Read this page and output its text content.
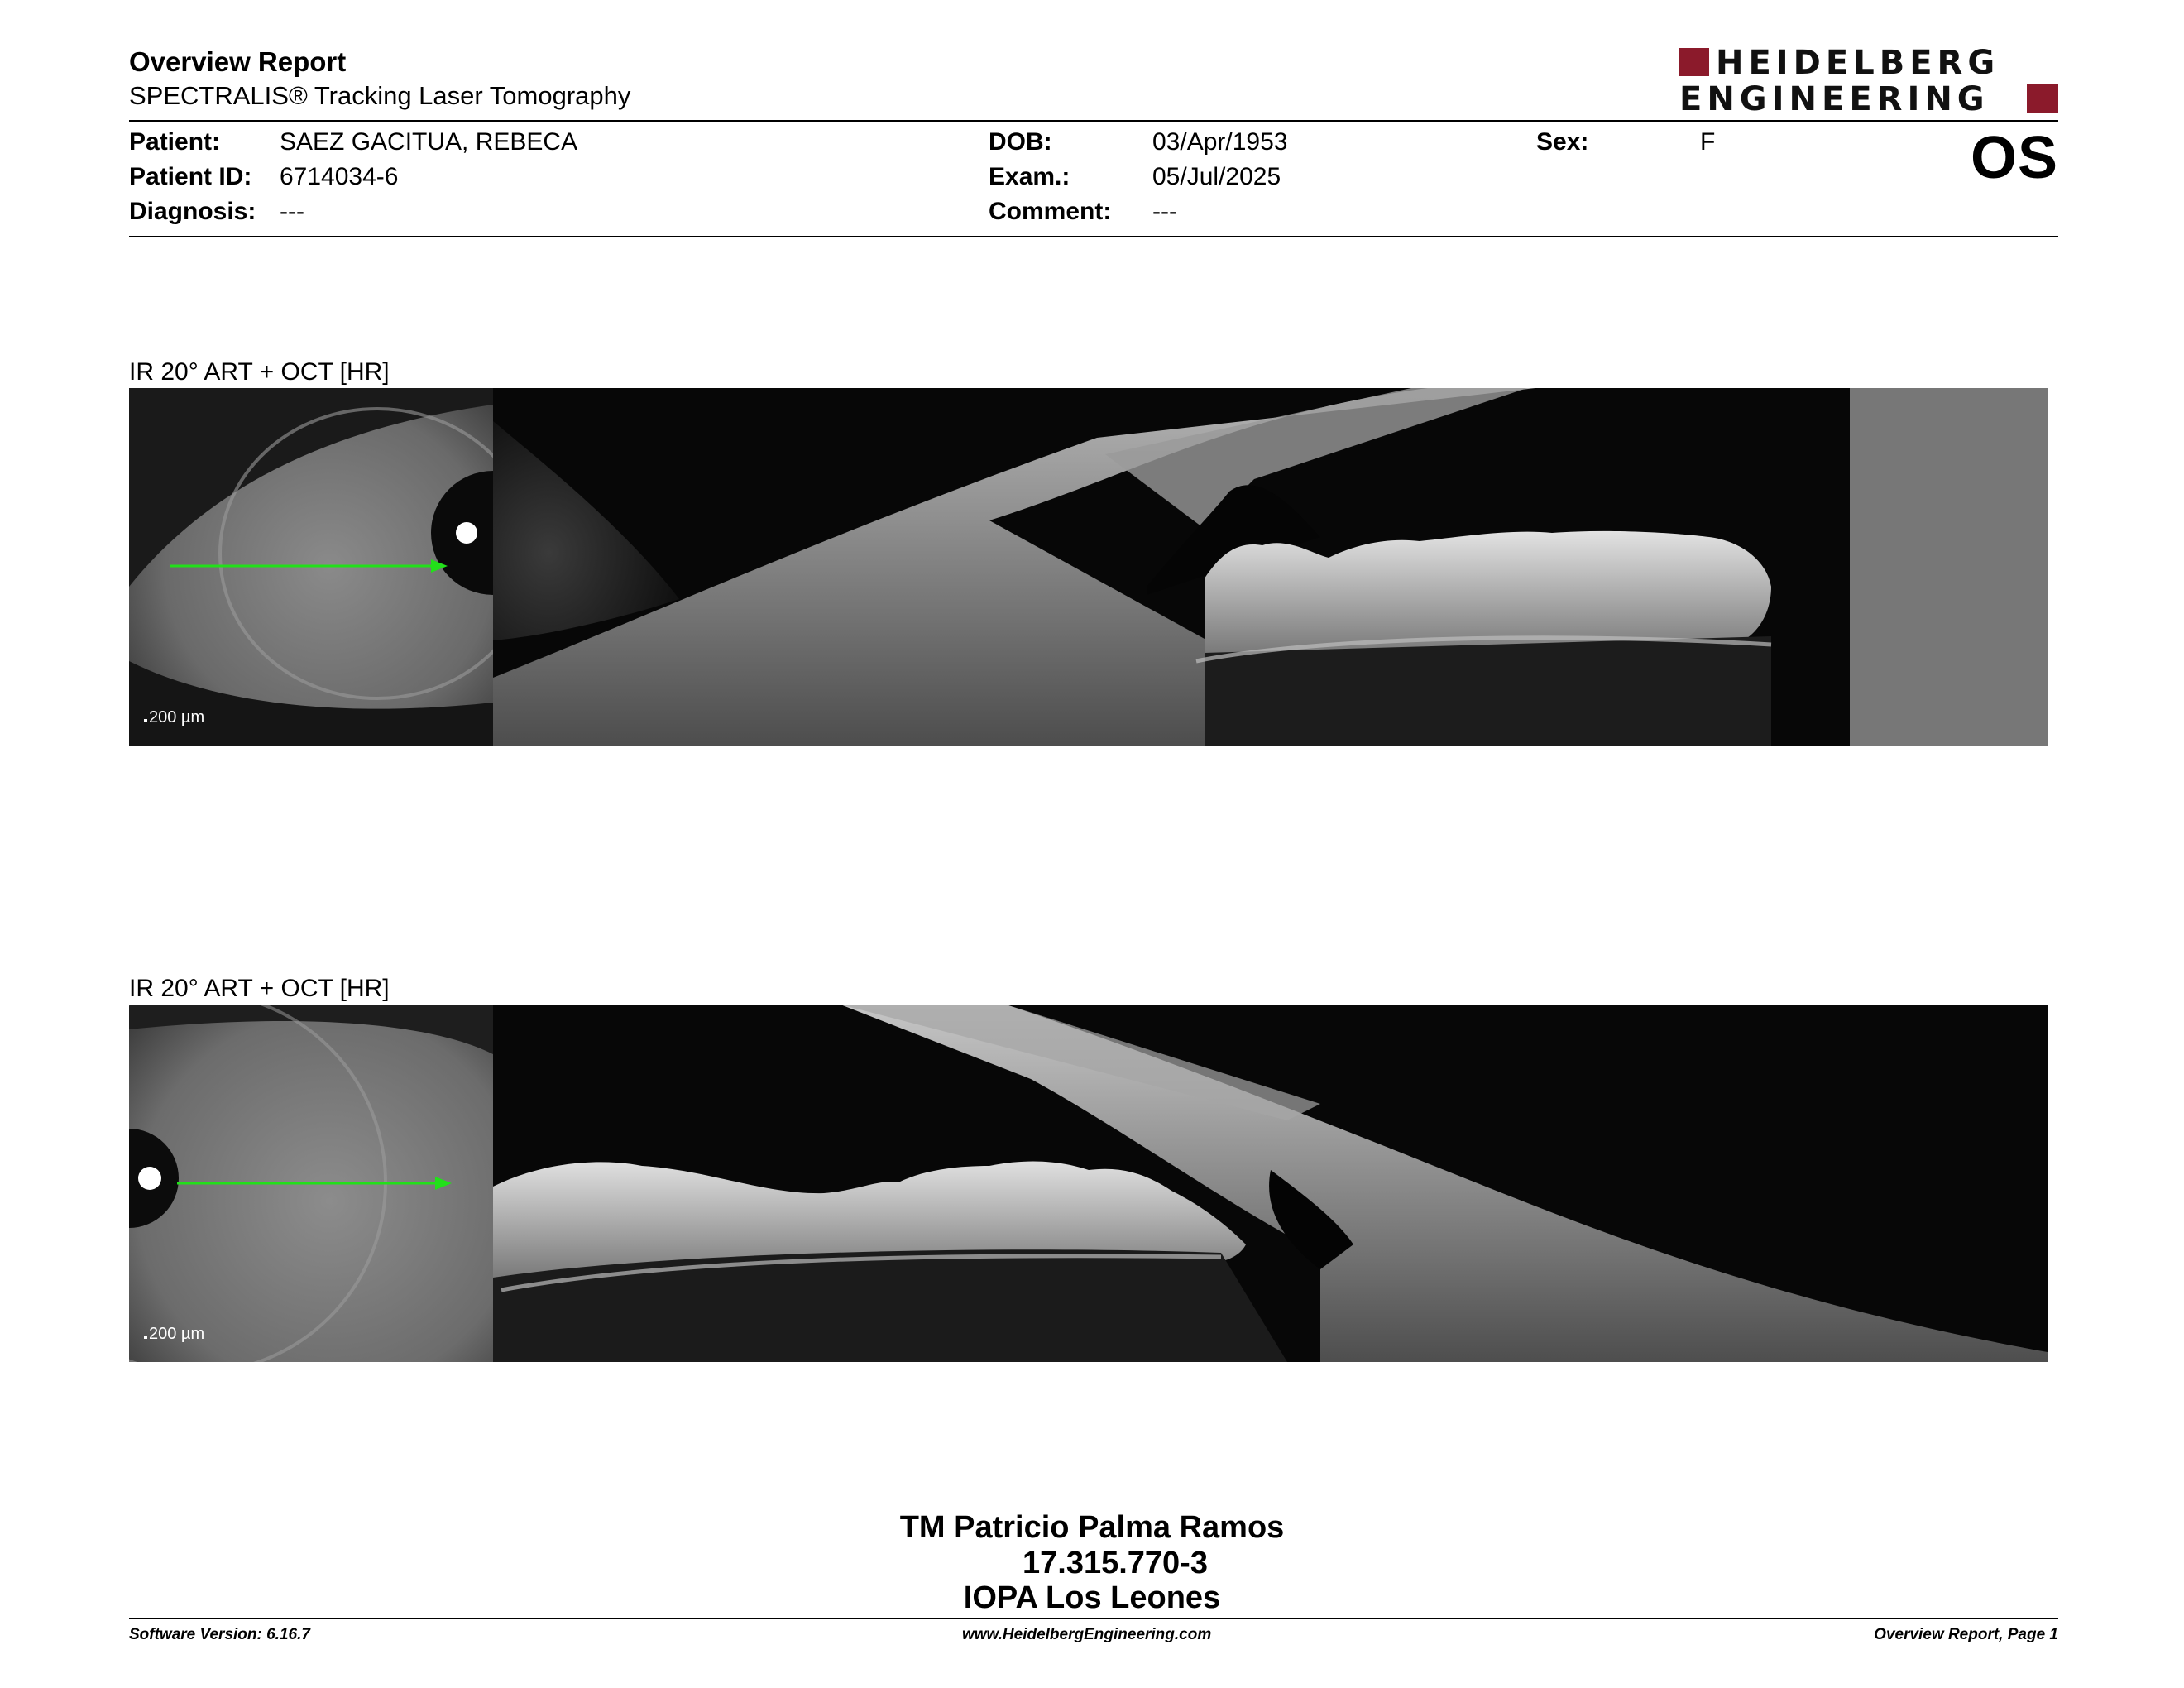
Overview Report
SPECTRALIS® Tracking Laser Tomography
HEIDELBERG
ENGINEERING
Patient: SAEZ GACITUA, REBECA
Patient ID: 6714034-6
Diagnosis: ---
DOB:	03/Apr/1953
Exam.:	05/Jul/2025
Comment: ---
Sex:	F	OS
IR 20° ART + OCT [HR]
200 µm
IR 20° ART + OCT [HR]
200 µm
TM Patricio Palma Ramos
17.315.770-3
IOPA Los Leones
Software Version: 6.16.7	www.HeidelbergEngineering.com	Overview Report, Page 1
